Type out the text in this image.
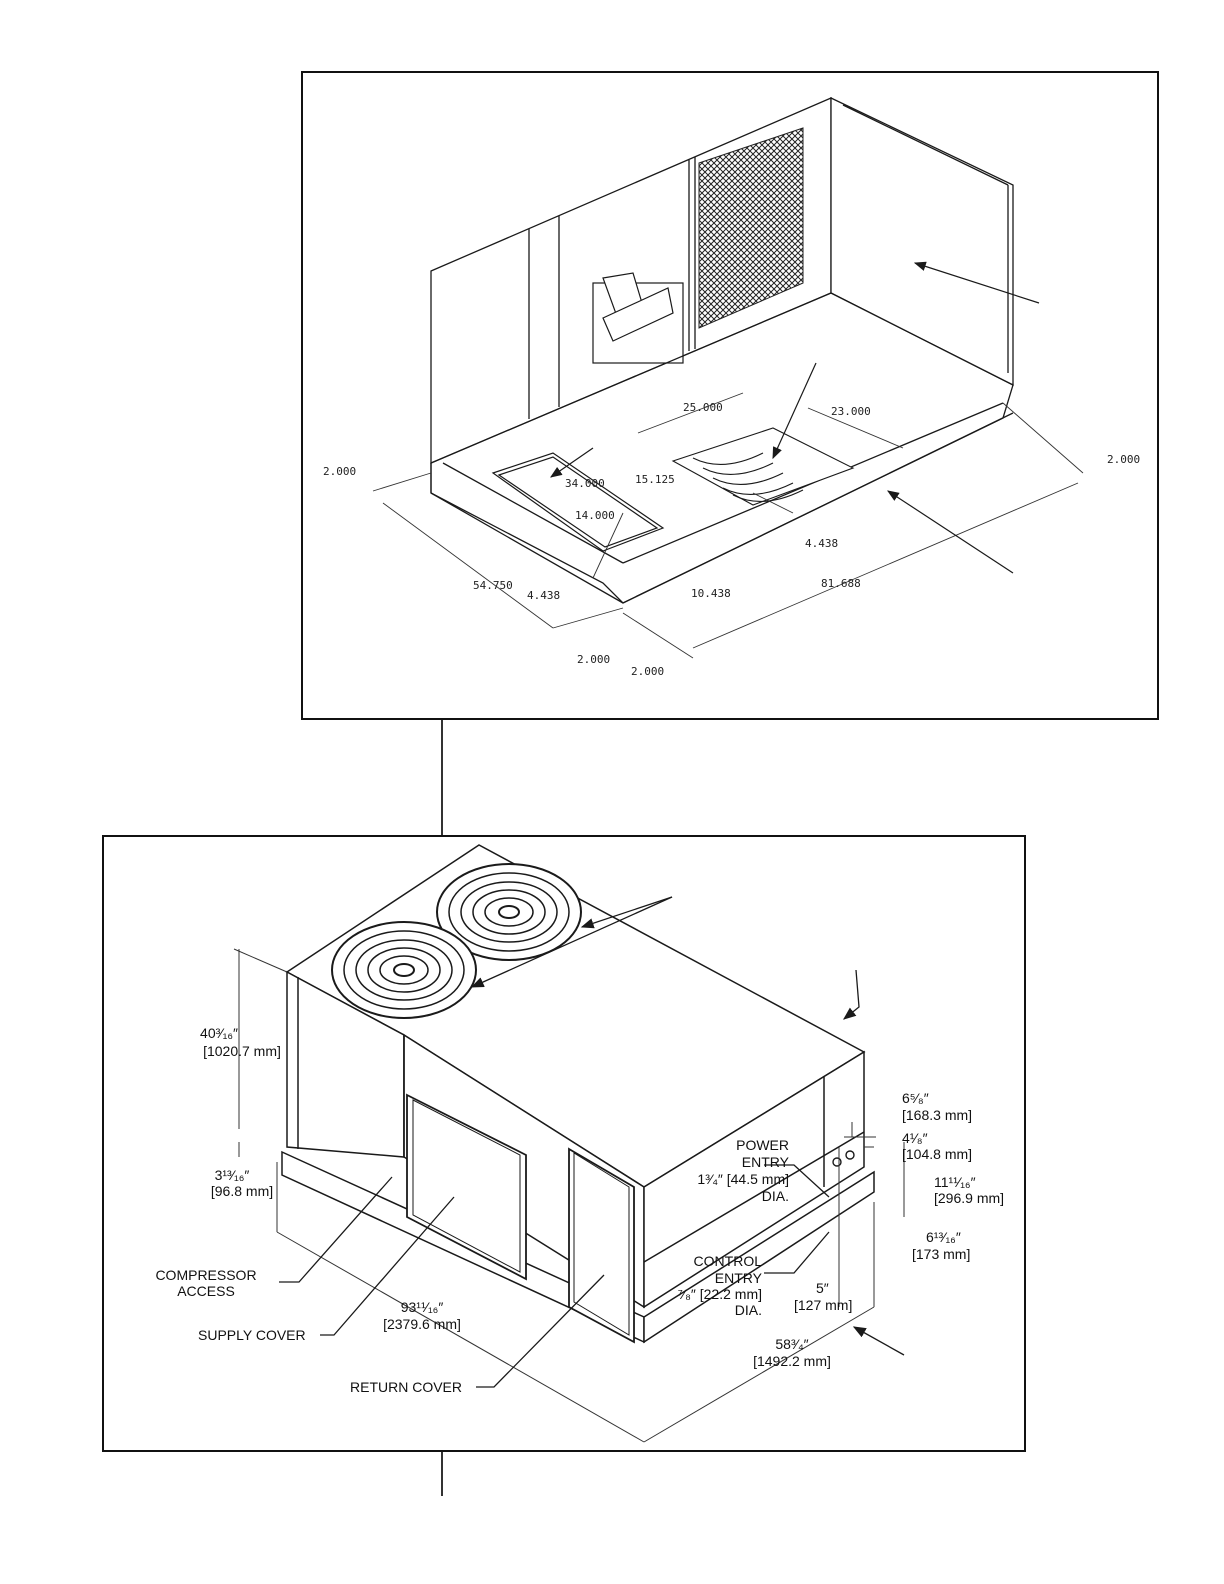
25.000	23.000
2.000
2.000
34.000	15.125
14.000
4.438
54.750
4.438	10.438
81.688
2.000
2.000
40³⁄₁₆″
[1020.7 mm]
3¹³⁄₁₆″
[96.8 mm]
93¹¹⁄₁₆″
[2379.6 mm]
58³⁄₄″
[1492.2 mm]
6⁵⁄₈″
[168.3 mm]
4¹⁄₈″
[104.8 mm]
11¹¹⁄₁₆″
[296.9 mm]
6¹³⁄₁₆″
[173 mm]
5″
[127 mm]
POWER
ENTRY
1³⁄₄″ [44.5 mm]
DIA.
CONTROL
ENTRY
⁷⁄₈″ [22.2 mm]
DIA.
COMPRESSOR
ACCESS
SUPPLY COVER
RETURN COVER
